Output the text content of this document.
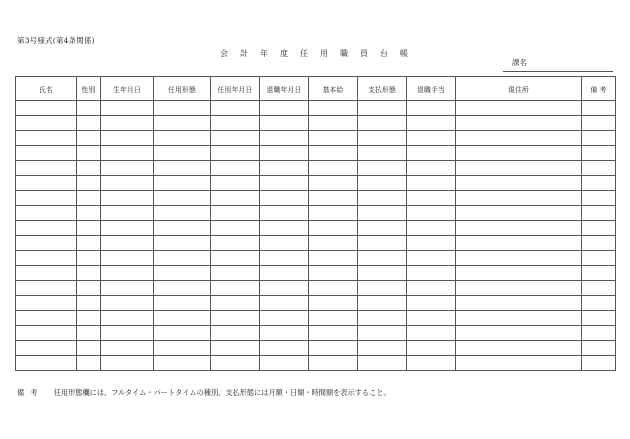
第3号様式(第4条関係)
会計年度任用職員台帳
課名
氏名	性別	生年月日	任用形態	任用年月日	退職年月日	基本給	支払形態	退職手当	現住所	備 考

備考 任用形態欄には、フルタイム・パートタイムの種別、支払形態には月額・日額・時間額を表示すること。
